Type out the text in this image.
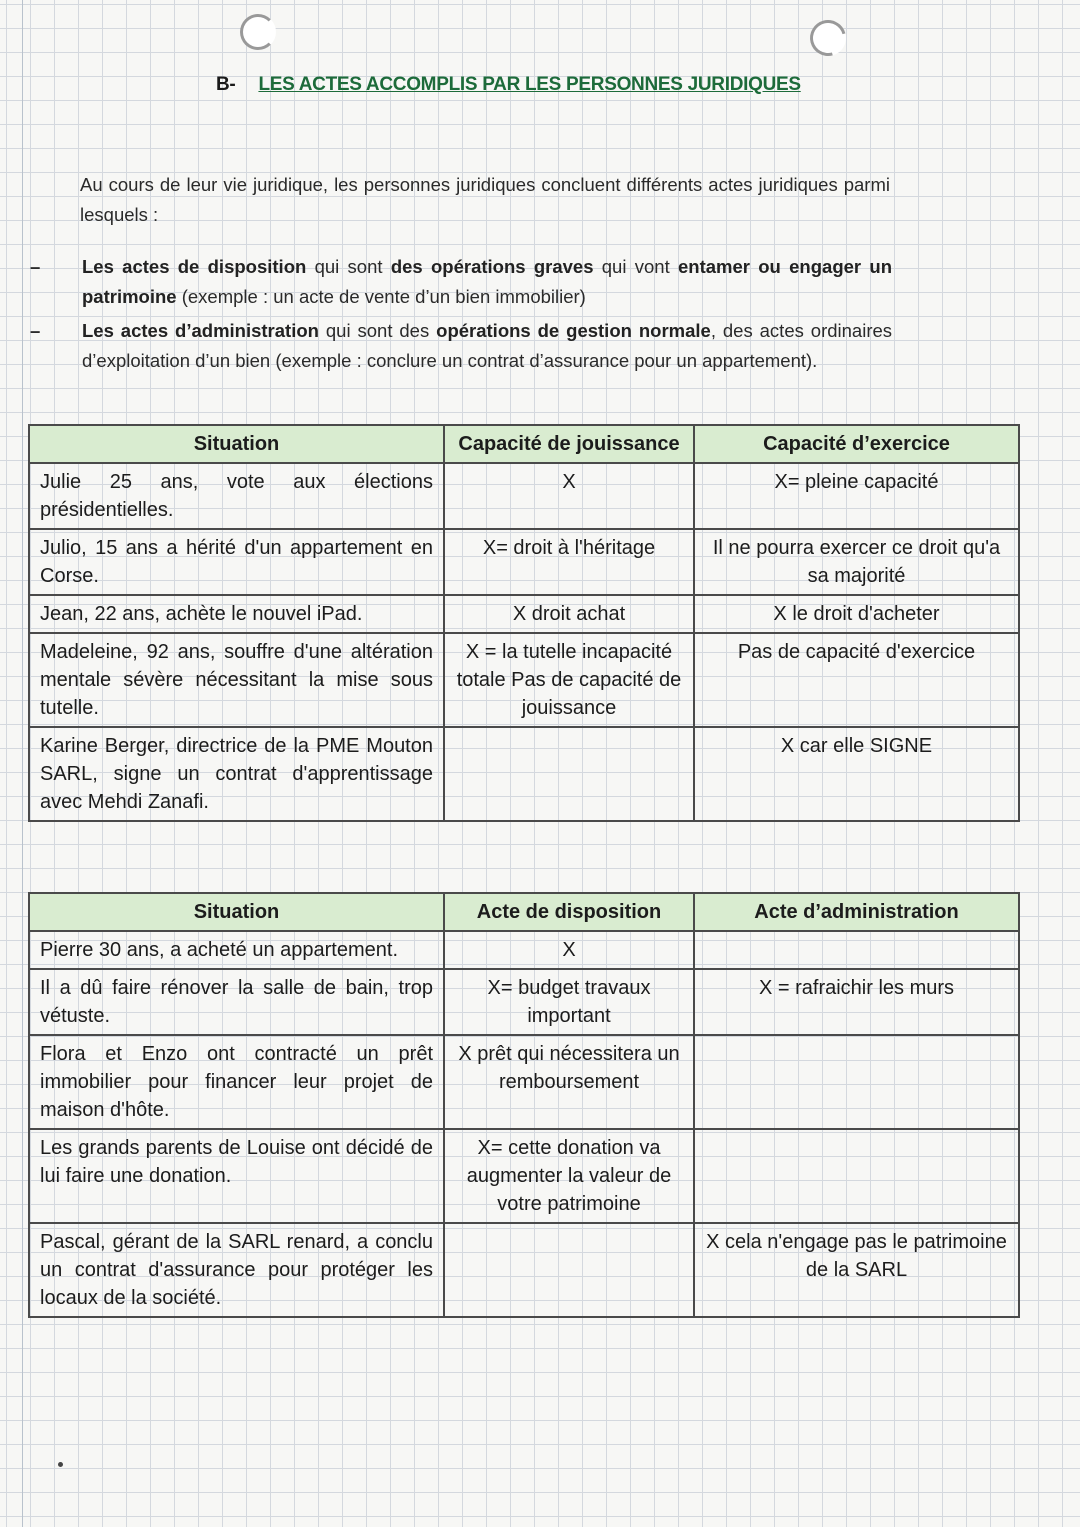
B- LES ACTES ACCOMPLIS PAR LES PERSONNES JURIDIQUES
Au cours de leur vie juridique, les personnes juridiques concluent différents actes juridiques parmi lesquels :
– Les actes de disposition qui sont des opérations graves qui vont entamer ou engager un patrimoine (exemple : un acte de vente d’un bien immobilier)
– Les actes d’administration qui sont des opérations de gestion normale, des actes ordinaires d’exploitation d’un bien (exemple : conclure un contrat d’assurance pour un appartement).
Situation	Capacité de jouissance	Capacité d’exercice
Julie 25 ans, vote aux élections présidentielles.	X	X= pleine capacité
Julio, 15 ans a hérité d'un appartement en Corse.	X= droit à l'héritage	Il ne pourra exercer ce droit qu'a sa majorité
Jean, 22 ans, achète le nouvel iPad.	X droit achat	X le droit d'acheter
Madeleine, 92 ans, souffre d'une altération mentale sévère nécessitant la mise sous tutelle.	X = la tutelle incapacité totale Pas de capacité de jouissance	Pas de capacité d'exercice
Karine Berger, directrice de la PME Mouton SARL, signe un contrat d'apprentissage avec Mehdi Zanafi.		X car elle SIGNE
Situation	Acte de disposition	Acte d’administration
Pierre 30 ans, a acheté un appartement.	X	
Il a dû faire rénover la salle de bain, trop vétuste.	X= budget travaux important	X = rafraichir les murs
Flora et Enzo ont contracté un prêt immobilier pour financer leur projet de maison d'hôte.	X prêt qui nécessitera un remboursement	
Les grands parents de Louise ont décidé de lui faire une donation.	X= cette donation va augmenter la valeur de votre patrimoine	
Pascal, gérant de la SARL renard, a conclu un contrat d'assurance pour protéger les locaux de la société.		X cela n'engage pas le patrimoine de la SARL
